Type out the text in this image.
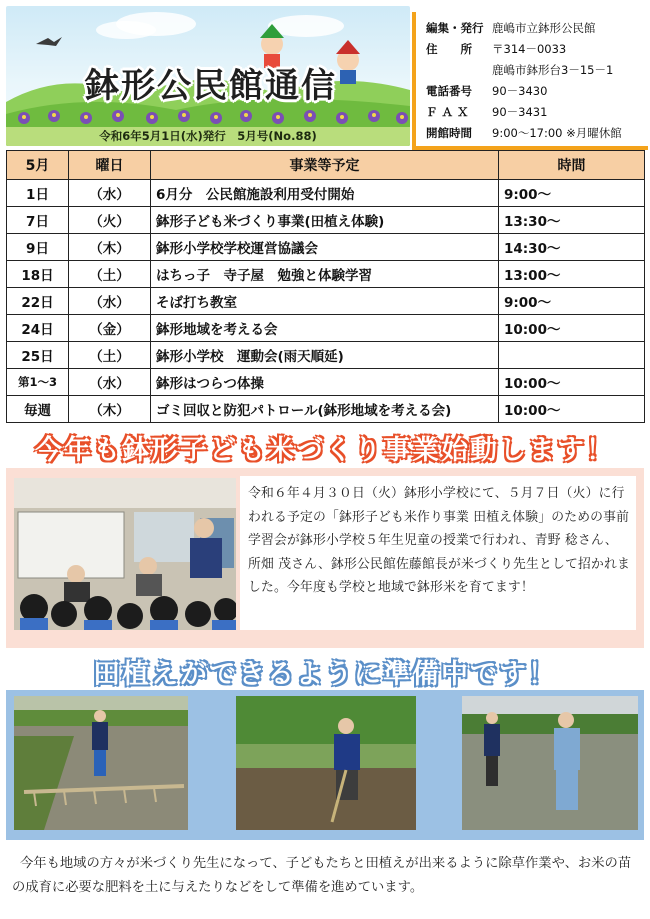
鉢形公民館通信
令和6年5月1日(水)発行　5月号(No.88)
編集・発行 鹿嶋市立鉢形公民館
住　　所 〒314－0033
鹿嶋市鉢形台3－15－1
電話番号 90－3430
Ｆ Ａ Ｘ 90－3431
開館時間 9:00～17:00 ※月曜休館
5月	曜日	事業等予定	時間
1日	（水）	6月分　公民館施設利用受付開始	9:00～
7日	（火）	鉢形子ども米づくり事業(田植え体験)	13:30～
9日	（木）	鉢形小学校学校運営協議会	14:30～
18日	（土）	はちっ子　寺子屋　勉強と体験学習	13:00～
22日	（水）	そば打ち教室	9:00～
24日	（金）	鉢形地域を考える会	10:00～
25日	（土）	鉢形小学校　運動会(雨天順延)	
第1～3	（水）	鉢形はつらつ体操	10:00～
毎週	（木）	ゴミ回収と防犯パトロール(鉢形地域を考える会)	10:00～
今年も鉢形子ども米づくり事業始動します！
令和６年４月３０日（火）鉢形小学校にて、５月７日（火）に行われる予定の「鉢形子ども米作り事業 田植え体験」のための事前学習会が鉢形小学校５年生児童の授業で行われ、青野 稔さん、所畑 茂さん、鉢形公民館佐藤館長が米づくり先生として招かれました。今年度も学校と地域で鉢形米を育てます！
田植えができるように準備中です！
今年も地域の方々が米づくり先生になって、子どもたちと田植えが出来るように除草作業や、お米の苗の成育に必要な肥料を土に与えたりなどをして準備を進めています。
